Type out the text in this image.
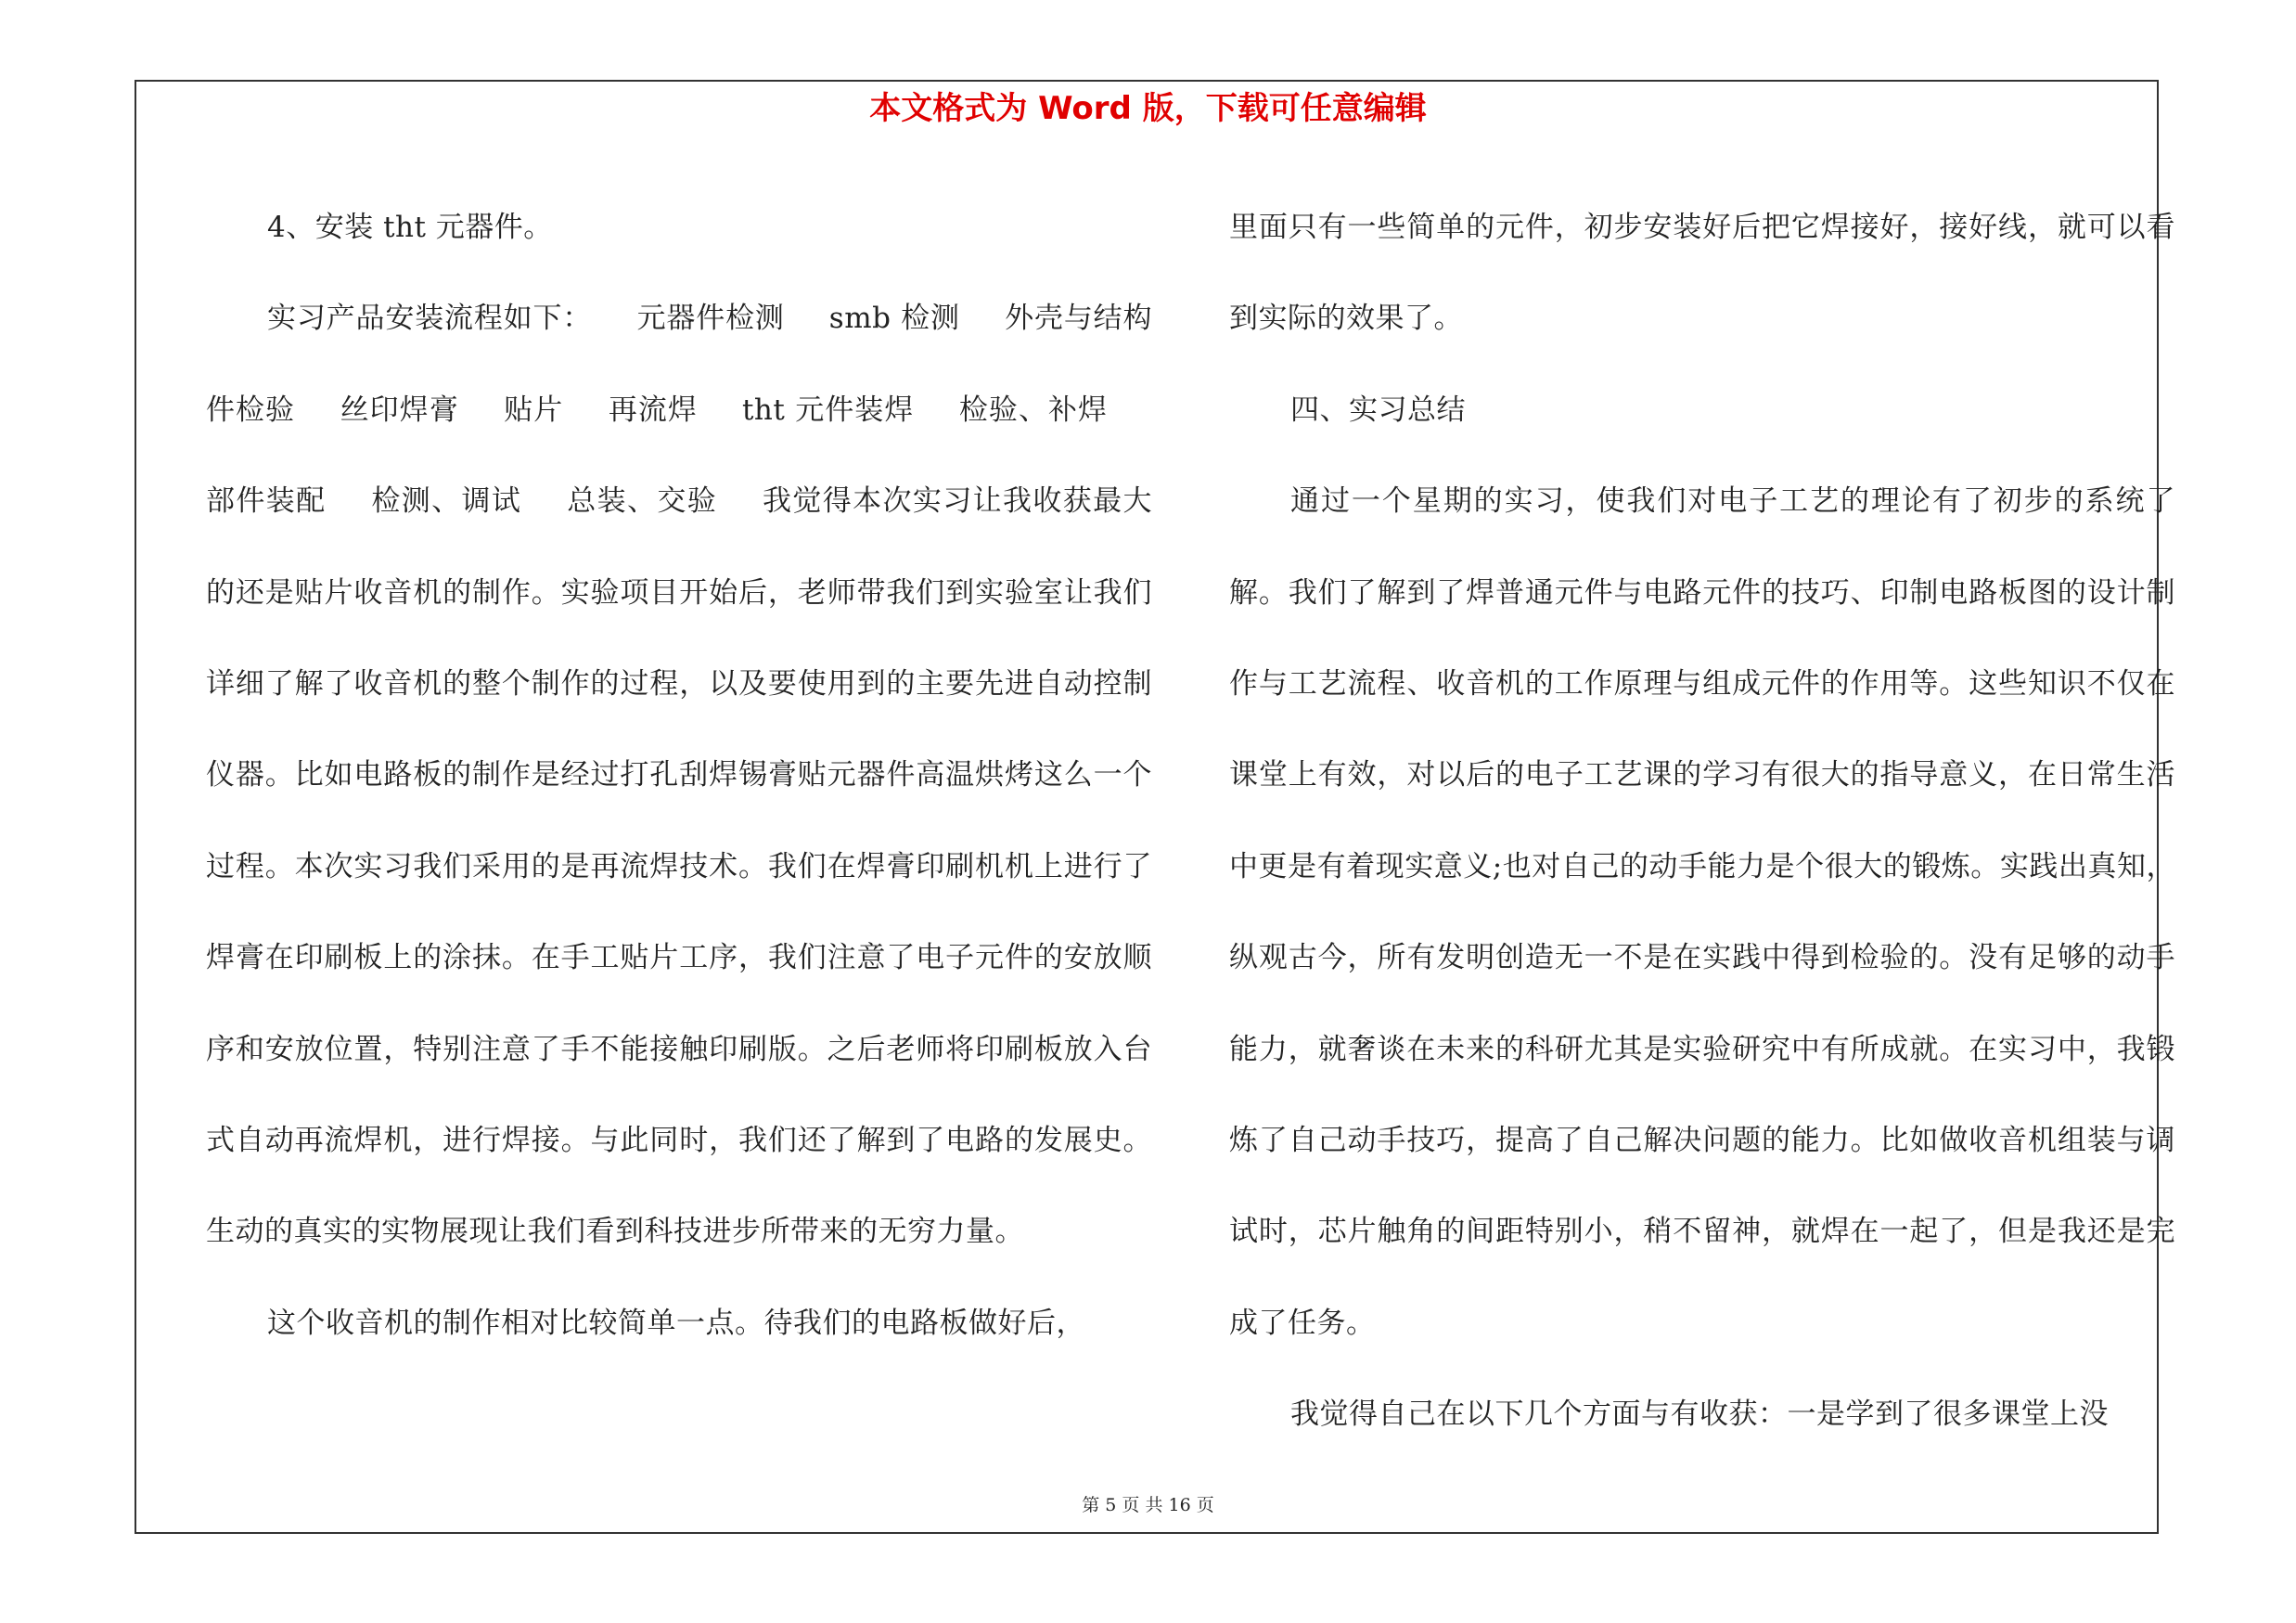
本文格式为 Word 版，下载可任意编辑

4、安装 tht 元器件。

实习产品安装流程如下： 元器件检测 smb 检测 外壳与结构件检验 丝印焊膏 贴片 再流焊 tht 元件装焊 检验、补焊部件装配 检测、调试 总装、交验 我觉得本次实习让我收获最大的还是贴片收音机的制作。实验项目开始后，老师带我们到实验室让我们详细了解了收音机的整个制作的过程，以及要使用到的主要先进自动控制仪器。比如电路板的制作是经过打孔刮焊锡膏贴元器件高温烘烤这么一个过程。本次实习我们采用的是再流焊技术。我们在焊膏印刷机机上进行了焊膏在印刷板上的涂抹。在手工贴片工序，我们注意了电子元件的安放顺序和安放位置，特别注意了手不能接触印刷版。之后老师将印刷板放入台式自动再流焊机，进行焊接。与此同时，我们还了解到了电路的发展史。生动的真实的实物展现让我们看到科技进步所带来的无穷力量。

这个收音机的制作相对比较简单一点。待我们的电路板做好后，

里面只有一些简单的元件，初步安装好后把它焊接好，接好线，就可以看到实际的效果了。

四、实习总结

通过一个星期的实习，使我们对电子工艺的理论有了初步的系统了解。我们了解到了焊普通元件与电路元件的技巧、印制电路板图的设计制作与工艺流程、收音机的工作原理与组成元件的作用等。这些知识不仅在课堂上有效，对以后的电子工艺课的学习有很大的指导意义，在日常生活中更是有着现实意义;也对自己的动手能力是个很大的锻炼。实践出真知，纵观古今，所有发明创造无一不是在实践中得到检验的。没有足够的动手能力，就奢谈在未来的科研尤其是实验研究中有所成就。在实习中，我锻炼了自己动手技巧，提高了自己解决问题的能力。比如做收音机组装与调试时，芯片触角的间距特别小，稍不留神，就焊在一起了，但是我还是完成了任务。

我觉得自己在以下几个方面与有收获：一是学到了很多课堂上没

第 5 页 共 16 页
